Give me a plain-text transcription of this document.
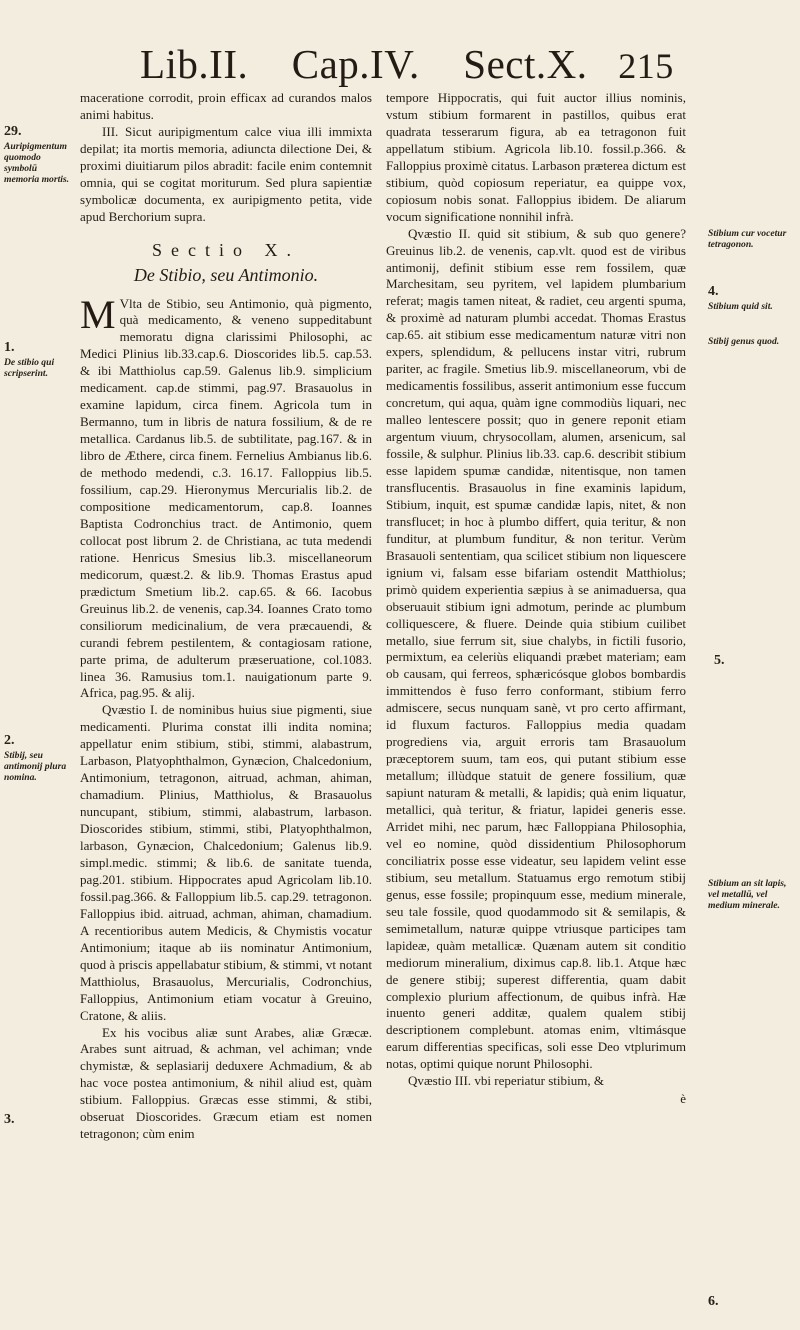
Lib.II. Cap.IV. Sect.X. 215

maceratione corrodit, proin efficax ad curandos malos animi habitus.

III. Sicut auripigmentum calce viua illi immixta depilat; ita mortis memoria, adiuncta dilectione Dei, & proximi diuitiarum pilos abradit: facile enim contemnit omnia, qui se cogitat moriturum. Sed plura sapientiæ symbolicæ documenta, ex auripigmento petita, vide apud Berchorium supra.

Sectio X.
De Stibio, seu Antimonio.

M Vlta de Stibio, seu Antimonio, quà pigmento, quà medicamento, & veneno suppeditabunt memoratu digna clarissimi Philosophi, ac Medici Plinius lib.33.cap.6. Dioscorides lib.5. cap.53. & ibi Matthiolus cap.59. Galenus lib.9. simplicium medicament. cap.de stimmi, pag.97. Brasauolus in examine lapidum, circa finem. Agricola tum in Bermanno, tum in libris de natura fossilium, & de re metallica. Cardanus lib.5. de subtilitate, pag.167. & in libro de Æthere, circa finem. Fernelius Ambianus lib.6. de methodo medendi, c.3. 16.17. Falloppius lib.5. fossilium, cap.29. Hieronymus Mercurialis lib.2. de compositione medicamentorum, cap.8. Ioannes Baptista Codronchius tract. de Antimonio, quem collocat post librum 2. de Christiana, ac tuta medendi ratione. Henricus Smesius lib.3. miscellaneorum medicorum, quæst.2. & lib.9. Thomas Erastus apud prædictum Smetium lib.2. cap.65. & 66. Iacobus Greuinus lib.2. de venenis, cap.34. Ioannes Crato tomo consiliorum medicinalium, de vera præcauendi, & curandi febrem pestilentem, & contagiosam ratione, parte prima, de adulterum præseruatione, col.1083. linea 36. Ramusius tom.1. nauigationum parte 9. Africa, pag.95. & alij.

Qvæstio I. de nominibus huius siue pigmenti, siue medicamenti. Plurima constat illi indita nomina; appellatur enim stibium, stibi, stimmi, alabastrum, Larbason, Platyophthalmon, Gynæcion, Chalcedonium, Antimonium, tetragonon, aitruad, achman, ahiman, chamadium. Plinius, Matthiolus, & Brasauolus nuncupant, stibium, stimmi, alabastrum, larbason. Dioscorides stibium, stimmi, stibi, Platyophthalmon, larbason, Gynæcion, Chalcedonium; Galenus lib.9. simpl.medic. stimmi; & lib.6. de sanitate tuenda, pag.201. stibium. Hippocrates apud Agricolam lib.10. fossil.pag.366. & Falloppium lib.5. cap.29. tetragonon. Falloppius ibid. aitruad, achman, ahiman, chamadium. A recentioribus autem Medicis, & Chymistis vocatur Antimonium; itaque ab iis nominatur Antimonium, quod à priscis appellabatur stibium, & stimmi, vt notant Matthiolus, Brasauolus, Mercurialis, Codronchius, Falloppius, Antimonium etiam vocatur à Greuino, Cratone, & aliis.

Ex his vocibus aliæ sunt Arabes, aliæ Græcæ. Arabes sunt aitruad, & achman, vel achiman; vnde chymistæ, & seplasiarij deduxere Achmadium, & ab hac voce postea antimonium, & nihil aliud est, quàm stibium. Falloppius. Græcas esse stimmi, & stibi, obseruat Dioscorides. Græcum etiam est nomen tetragonon; cùm enim

tempore Hippocratis, qui fuit auctor illius nominis, vstum stibium formarent in pastillos, quibus erat quadrata tesserarum figura, ab ea tetragonon fuit appellatum stibium. Agricola lib.10. fossil.p.366. & Falloppius proximè citatus. Larbason præterea dictum est stibium, quòd copiosum reperiatur, ea quippe vox, copiosum nobis sonat. Falloppius ibidem. De aliarum vocum significatione nonnihil infrà.

Qvæstio II. quid sit stibium, & sub quo genere? Greuinus lib.2. de venenis, cap.vlt. quod est de viribus antimonij, definit stibium esse rem fossilem, quæ Marchesitam, seu pyritem, vel lapidem plumbarium referat; magis tamen niteat, & radiet, ceu argenti spuma, & proximè ad naturam plumbi accedat. Thomas Erastus cap.65. ait stibium esse medicamentum naturæ vitri non expers, splendidum, & pellucens instar vitri, rubrum pariter, ac fragile. Smetius lib.9. miscellaneorum, vbi de medicamentis fossilibus, asserit antimonium esse fuccum concretum, qui aqua, quàm igne commodiùs liquari, nec malleo lentescere possit; quo in genere reponit etiam argentum viuum, chrysocollam, alumen, arsenicum, sal fossile, & sulphur. Plinius lib.33. cap.6. describit stibium esse lapidem spumæ candidæ, nitentisque, non tamen transflucentis. Brasauolus in fine examinis lapidum, Stibium, inquit, est spumæ candidæ lapis, nitet, & non transflucet; in hoc à plumbo differt, quia teritur, & non funditur, at plumbum funditur, & non teritur. Verùm Brasauoli sententiam, qua scilicet stibium non liquescere ignium vi, falsam esse bifariam ostendit Matthiolus; primò quidem experientia sæpius à se animaduersa, qua obseruauit stibium igni admotum, perinde ac plumbum colliquescere, & fluere. Deinde quia stibium cuilibet metallo, siue ferrum sit, siue chalybs, in fictili fusorio, permixtum, ea celeriùs eliquandi præbet materiam; eam ob causam, qui ferreos, sphæricósque globos bombardis immittendos è fuso ferro conformant, stibium ferro admiscere, secus nunquam sanè, vt pro certo affirmant, id fluxum facturos. Falloppius media quadam progrediens via, arguit erroris tam Brasauolum præceptorem suum, tam eos, qui putant stibium esse metallum; illùdque statuit de genere fossilium, quæ sapiunt naturam & metalli, & lapidis; quà enim liquatur, metallici, quà teritur, & friatur, lapidei generis esse. Arridet mihi, nec parum, hæc Falloppiana Philosophia, vel eo nomine, quòd dissidentium Philosophorum conciliatrix posse esse videatur, seu lapidem velint esse stibium, seu metallum. Statuamus ergo remotum stibij genus, esse fossile; propinquum esse, medium minerale, seu tale fossile, quod quodammodo sit & semilapis, & semimetallum, naturæ quippe vtriusque participes tam lapideæ, quàm metallicæ. Quænam autem sit conditio mediorum mineralium, diximus cap.8. lib.1. Atque hæc de genere stibij; superest differentia, quam dabit complexio plurium affectionum, de quibus infrà. Hæ inuento generi additæ, qualem qualem stibij descriptionem complebunt. atomas enim, vltimásque earum differentias specificas, soli esse Deo vtplurimum notas, optimi quique norunt Philosophi.

Qvæstio III. vbi reperiatur stibium, &

è
29.
Auripigmentum quomodo symbolū memoria mortis.
1.
De stibio qui scripserint.
2.
Stibij, seu antimonij plura nomina.
3.
Stibium cur vocetur tetragonon.
4.
Stibium quid sit.
Stibij genus quod.
5.
Stibium an sit lapis, vel metallū, vel medium minerale.
6.
